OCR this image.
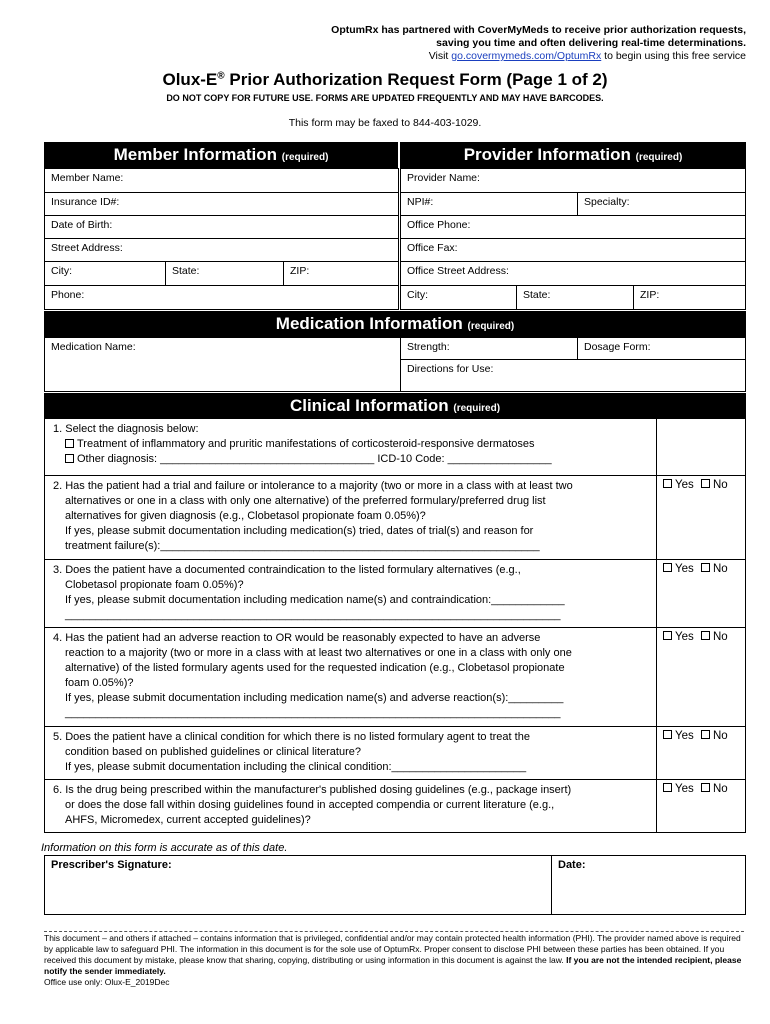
OptumRx has partnered with CoverMyMeds to receive prior authorization requests,
saving you time and often delivering real-time determinations.
Visit go.covermymeds.com/OptumRx to begin using this free service
Olux-E® Prior Authorization Request Form (Page 1 of 2)
DO NOT COPY FOR FUTURE USE. FORMS ARE UPDATED FREQUENTLY AND MAY HAVE BARCODES.
This form may be faxed to 844-403-1029.
Member Information (required)	Provider Information (required)
Member Name:
Insurance ID#:
Date of Birth:
Street Address:
City:	State:	ZIP:
Phone:
Provider Name:
NPI#:	Specialty:
Office Phone:
Office Fax:
Office Street Address:
City:	State:	ZIP:
Medication Information (required)
Medication Name:	Strength:	Dosage Form:
Directions for Use:
Clinical Information (required)

1. Select the diagnosis below:

Treatment of inflammatory and pruritic manifestations of corticosteroid-responsive dermatoses

Other diagnosis: ___________________________________ ICD-10 Code: _________________

2. Has the patient had a trial and failure or intolerance to a majority (two or more in a class with at least two

alternatives or one in a class with only one alternative) of the preferred formulary/preferred drug list

alternatives for given diagnosis (e.g., Clobetasol propionate foam 0.05%)?

If yes, please submit documentation including medication(s) tried, dates of trial(s) and reason for

treatment failure(s):______________________________________________________________

Yes No

3. Does the patient have a documented contraindication to the listed formulary alternatives (e.g.,

Clobetasol propionate foam 0.05%)?

If yes, please submit documentation including medication name(s) and contraindication:____________

_________________________________________________________________________________

Yes No

4. Has the patient had an adverse reaction to OR would be reasonably expected to have an adverse

reaction to a majority (two or more in a class with at least two alternatives or one in a class with only one

alternative) of the listed formulary agents used for the requested indication (e.g., Clobetasol propionate

foam 0.05%)?

If yes, please submit documentation including medication name(s) and adverse reaction(s):_________

_________________________________________________________________________________

Yes No

5. Does the patient have a clinical condition for which there is no listed formulary agent to treat the

condition based on published guidelines or clinical literature?

If yes, please submit documentation including the clinical condition:______________________

Yes No

6. Is the drug being prescribed within the manufacturer's published dosing guidelines (e.g., package insert)

or does the dose fall within dosing guidelines found in accepted compendia or current literature (e.g.,

AHFS, Micromedex, current accepted guidelines)?

Yes No
Information on this form is accurate as of this date.
Prescriber's Signature:	Date:
This document – and others if attached – contains information that is privileged, confidential and/or may contain protected health information (PHI). The provider named above is required by applicable law to safeguard PHI. The information in this document is for the sole use of OptumRx. Proper consent to disclose PHI between these parties has been obtained. If you received this document by mistake, please know that sharing, copying, distributing or using information in this document is against the law. If you are not the intended recipient, please notify the sender immediately.
Office use only: Olux-E_2019Dec
